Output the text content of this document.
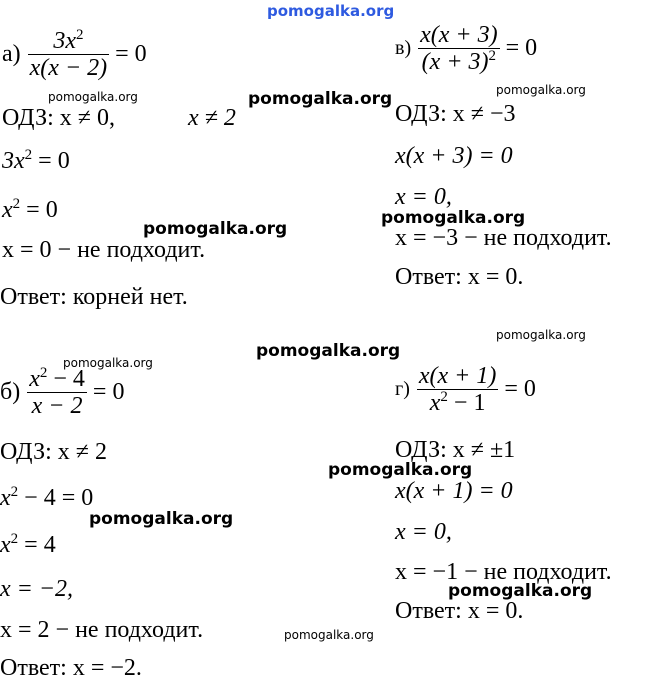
pomogalka.org
$а) \frac{3x^2}{x(x - 2)} = 0$
pomogalka.org
ОДЗ: x ≠ 0,	x ≠ 2
pomogalka.org
$3x^2 = 0$
$x^2 = 0$
pomogalka.org
x = 0 − не подходит.
Ответ: корней нет.
$в) \frac{x(x + 3)}{(x + 3)^2} = 0$
pomogalka.org
ОДЗ: x ≠ −3
x(x + 3) = 0
x = 0,
pomogalka.org
x = −3 − не подходит.
Ответ: x = 0.
pomogalka.org
pomogalka.org
pomogalka.org
$б) \frac{x^2 - 4}{x - 2} = 0$
ОДЗ: x ≠ 2
$x^2 - 4 = 0$
pomogalka.org
$x^2 = 4$
x = −2,
x = 2 − не подходит.	pomogalka.org
Ответ: x = −2.
$г) \frac{x(x + 1)}{x^2 - 1} = 0$
ОДЗ: x ≠ ±1
pomogalka.org
x(x + 1) = 0
x = 0,
x = −1 − не подходит.
pomogalka.org
Ответ: x = 0.
